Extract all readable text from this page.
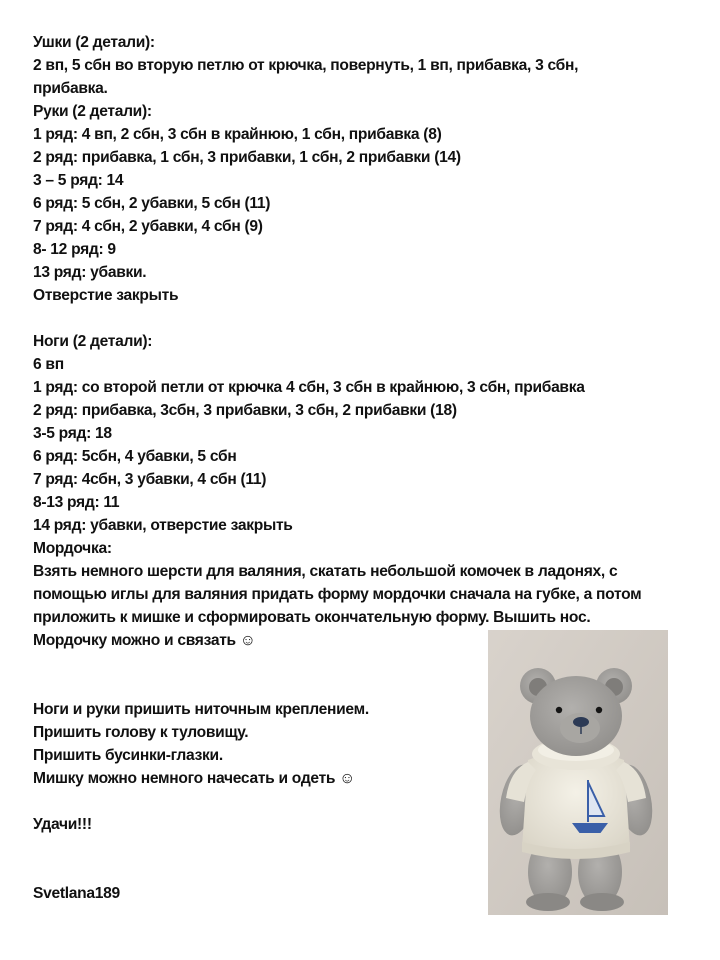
Ушки (2 детали):
2 вп, 5 сбн во вторую петлю от крючка, повернуть, 1 вп, прибавка, 3 сбн,
прибавка.
Руки (2 детали):
1 ряд: 4 вп, 2 сбн, 3 сбн в крайнюю, 1 сбн, прибавка (8)
2 ряд: прибавка, 1 сбн, 3 прибавки, 1 сбн, 2 прибавки (14)
3 – 5 ряд: 14
6 ряд: 5 сбн, 2 убавки, 5 сбн (11)
7 ряд: 4 сбн, 2 убавки, 4 сбн (9)
8- 12 ряд: 9
13 ряд: убавки.
Отверстие закрыть
Ноги (2 детали):
6 вп
1 ряд: со второй петли от крючка 4 сбн, 3 сбн в крайнюю, 3 сбн, прибавка
2 ряд: прибавка, 3сбн, 3 прибавки, 3 сбн, 2 прибавки (18)
3-5 ряд: 18
6 ряд: 5сбн, 4 убавки, 5 сбн
7 ряд: 4сбн, 3 убавки, 4 сбн (11)
8-13 ряд: 11
14 ряд: убавки, отверстие закрыть
Мордочка:
Взять немного шерсти для валяния, скатать небольшой комочек в ладонях, с помощью иглы для валяния придать форму мордочки сначала на губке, а потом приложить к мишке и сформировать окончательную форму. Вышить нос.
Мордочку можно и связать ☺
Ноги и руки пришить ниточным креплением.
Пришить голову к туловищу.
Пришить бусинки-глазки.
Мишку можно немного начесать и одеть ☺
Удачи!!!
Svetlana189
